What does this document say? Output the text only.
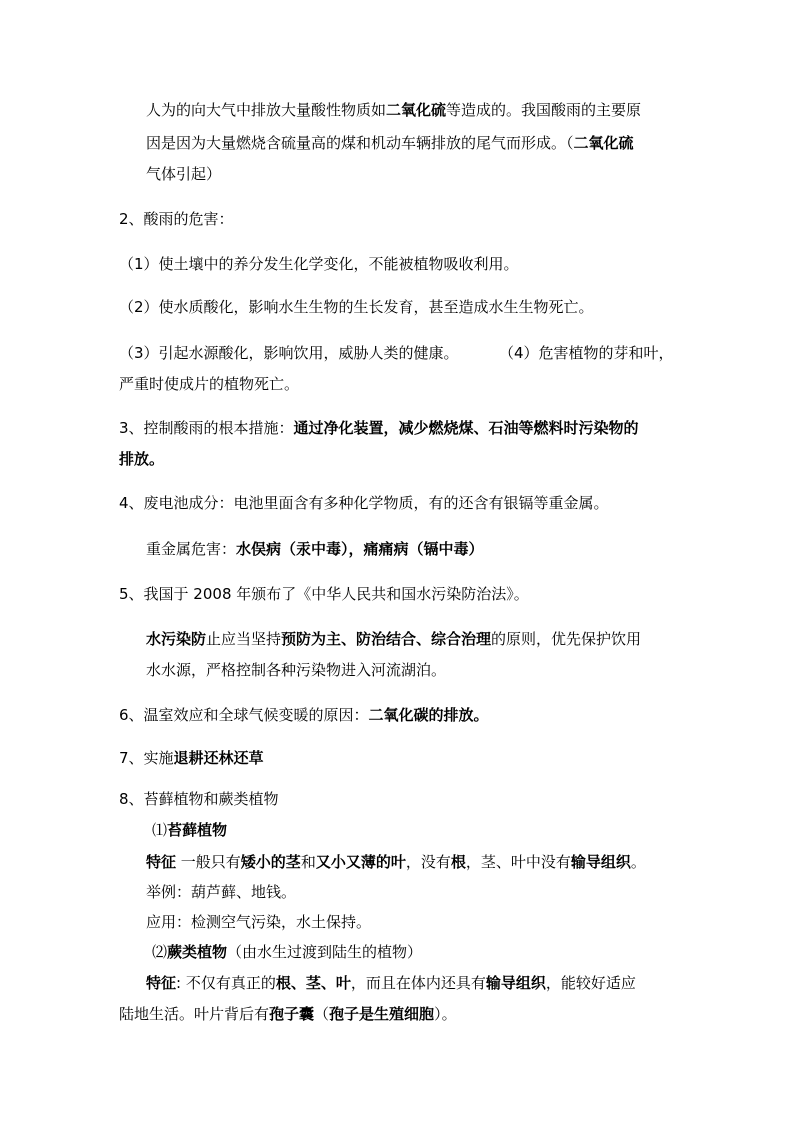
人为的向大气中排放大量酸性物质如二氧化硫等造成的。我国酸雨的主要原
因是因为大量燃烧含硫量高的煤和机动车辆排放的尾气而形成。（二氧化硫
气体引起）
2、酸雨的危害：
（1）使土壤中的养分发生化学变化，不能被植物吸收利用。
（2）使水质酸化，影响水生生物的生长发育，甚至造成水生生物死亡。
（3）引起水源酸化，影响饮用，威胁人类的健康。	（4）危害植物的芽和叶，
严重时使成片的植物死亡。
3、控制酸雨的根本措施：通过净化装置，减少燃烧煤、石油等燃料时污染物的
排放。
4、废电池成分：电池里面含有多种化学物质，有的还含有银镉等重金属。
重金属危害：水俣病（汞中毒），痛痛病（镉中毒）
5、我国于 2008 年颁布了《中华人民共和国水污染防治法》。
水污染防止应当坚持预防为主、防治结合、综合治理的原则，优先保护饮用
水水源，严格控制各种污染物进入河流湖泊。
6、温室效应和全球气候变暖的原因：二氧化碳的排放。
7、实施退耕还林还草
8、苔藓植物和蕨类植物
⑴苔藓植物
特征 一般只有矮小的茎和又小又薄的叶，没有根，茎、叶中没有输导组织。
举例：葫芦藓、地钱。
应用：检测空气污染，水土保持。
⑵蕨类植物（由水生过渡到陆生的植物）
特征: 不仅有真正的根、茎、叶，而且在体内还具有输导组织，能较好适应
陆地生活。叶片背后有孢子囊（孢子是生殖细胞）。
